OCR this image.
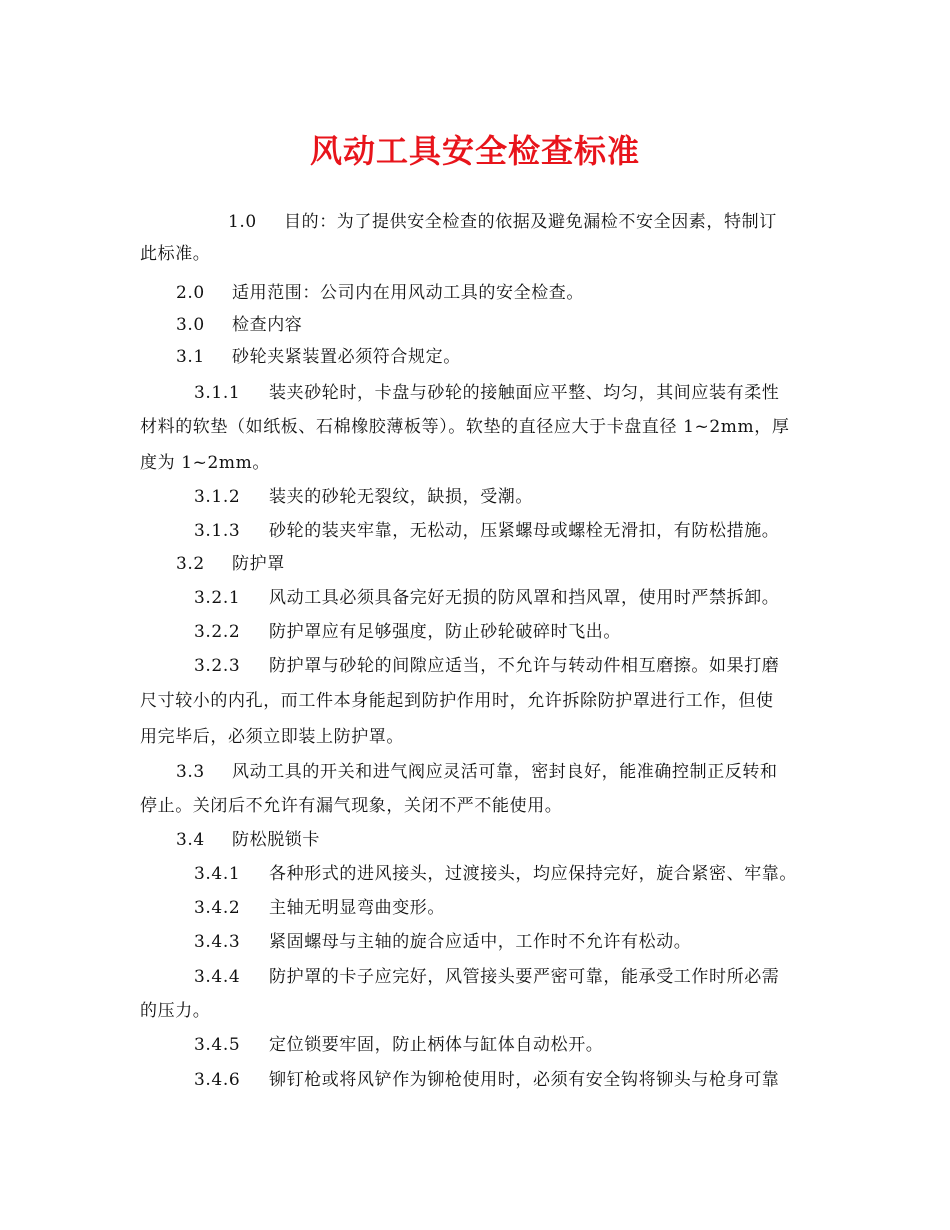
风动工具安全检查标准
1.0 目的：为了提供安全检查的依据及避免漏检不安全因素，特制订
此标准。
2.0 适用范围：公司内在用风动工具的安全检查。
3.0 检查内容
3.1 砂轮夹紧装置必须符合规定。
3.1.1 装夹砂轮时，卡盘与砂轮的接触面应平整、均匀，其间应装有柔性
材料的软垫（如纸板、石棉橡胶薄板等）。软垫的直径应大于卡盘直径 1~2mm，厚
度为 1~2mm。
3.1.2 装夹的砂轮无裂纹，缺损，受潮。
3.1.3 砂轮的装夹牢靠，无松动，压紧螺母或螺栓无滑扣，有防松措施。
3.2 防护罩
3.2.1 风动工具必须具备完好无损的防风罩和挡风罩，使用时严禁拆卸。
3.2.2 防护罩应有足够强度，防止砂轮破碎时飞出。
3.2.3 防护罩与砂轮的间隙应适当，不允许与转动件相互磨擦。如果打磨
尺寸较小的内孔，而工件本身能起到防护作用时，允许拆除防护罩进行工作，但使
用完毕后，必须立即装上防护罩。
3.3 风动工具的开关和进气阀应灵活可靠，密封良好，能准确控制正反转和
停止。关闭后不允许有漏气现象，关闭不严不能使用。
3.4 防松脱锁卡
3.4.1 各种形式的进风接头，过渡接头，均应保持完好，旋合紧密、牢靠。
3.4.2 主轴无明显弯曲变形。
3.4.3 紧固螺母与主轴的旋合应适中，工作时不允许有松动。
3.4.4 防护罩的卡子应完好，风管接头要严密可靠，能承受工作时所必需
的压力。
3.4.5 定位锁要牢固，防止柄体与缸体自动松开。
3.4.6 铆钉枪或将风铲作为铆枪使用时，必须有安全钩将铆头与枪身可靠
